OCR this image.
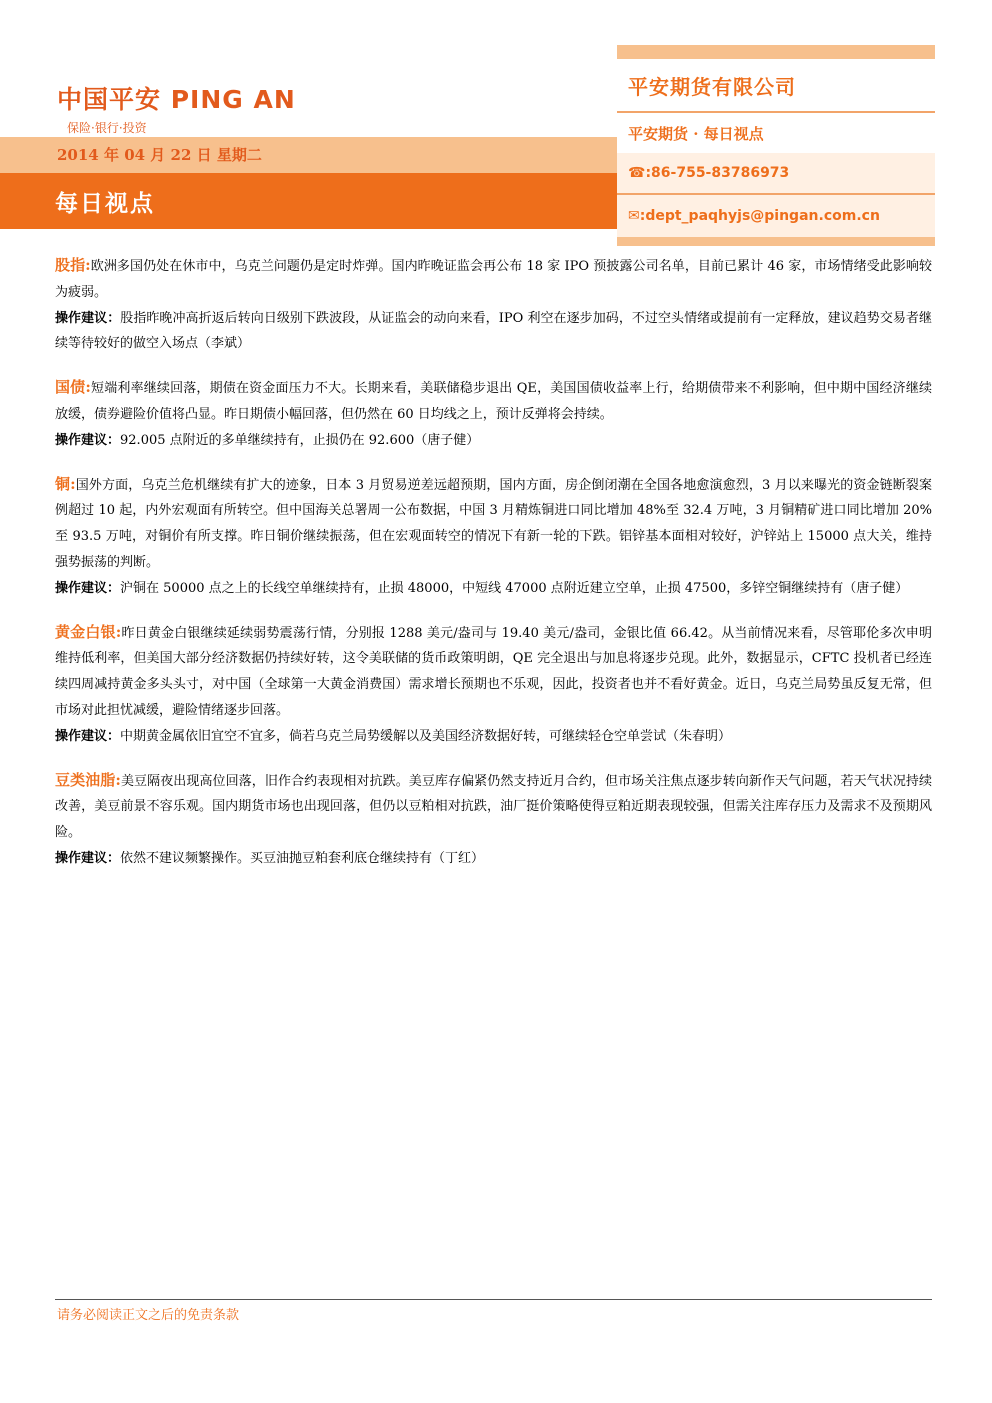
中国平安 PING AN
保险·银行·投资
2014 年 04 月 22 日 星期二
每日视点
平安期货有限公司
平安期货 · 每日视点
☎:86-755-83786973
✉:dept_paqhyjs@pingan.com.cn

股指:欧洲多国仍处在休市中，乌克兰问题仍是定时炸弹。国内昨晚证监会再公布 18 家 IPO 预披露公司名单，目前已累计 46 家，市场情绪受此影响较为疲弱。

操作建议：股指昨晚冲高折返后转向日级别下跌波段，从证监会的动向来看，IPO 利空在逐步加码，不过空头情绪或提前有一定释放，建议趋势交易者继续等待较好的做空入场点（李斌）

国债:短端利率继续回落，期债在资金面压力不大。长期来看，美联储稳步退出 QE，美国国债收益率上行，给期债带来不利影响，但中期中国经济继续放缓，债券避险价值将凸显。昨日期债小幅回落，但仍然在 60 日均线之上，预计反弹将会持续。

操作建议：92.005 点附近的多单继续持有，止损仍在 92.600（唐子健）

铜:国外方面，乌克兰危机继续有扩大的迹象，日本 3 月贸易逆差远超预期，国内方面，房企倒闭潮在全国各地愈演愈烈，3 月以来曝光的资金链断裂案例超过 10 起，内外宏观面有所转空。但中国海关总署周一公布数据，中国 3 月精炼铜进口同比增加 48%至 32.4 万吨，3 月铜精矿进口同比增加 20%至 93.5 万吨，对铜价有所支撑。昨日铜价继续振荡，但在宏观面转空的情况下有新一轮的下跌。铝锌基本面相对较好，沪锌站上 15000 点大关，维持强势振荡的判断。

操作建议：沪铜在 50000 点之上的长线空单继续持有，止损 48000，中短线 47000 点附近建立空单，止损 47500，多锌空铜继续持有（唐子健）

黄金白银:昨日黄金白银继续延续弱势震荡行情，分别报 1288 美元/盎司与 19.40 美元/盎司，金银比值 66.42。从当前情况来看，尽管耶伦多次申明维持低利率，但美国大部分经济数据仍持续好转，这令美联储的货币政策明朗，QE 完全退出与加息将逐步兑现。此外，数据显示，CFTC 投机者已经连续四周减持黄金多头头寸，对中国（全球第一大黄金消费国）需求增长预期也不乐观，因此，投资者也并不看好黄金。近日，乌克兰局势虽反复无常，但市场对此担忧减缓，避险情绪逐步回落。

操作建议：中期黄金属依旧宜空不宜多，倘若乌克兰局势缓解以及美国经济数据好转，可继续轻仓空单尝试（朱春明）

豆类油脂:美豆隔夜出现高位回落，旧作合约表现相对抗跌。美豆库存偏紧仍然支持近月合约，但市场关注焦点逐步转向新作天气问题，若天气状况持续改善，美豆前景不容乐观。国内期货市场也出现回落，但仍以豆粕相对抗跌，油厂挺价策略使得豆粕近期表现较强，但需关注库存压力及需求不及预期风险。

操作建议：依然不建议频繁操作。买豆油抛豆粕套利底仓继续持有（丁红）

请务必阅读正文之后的免责条款
